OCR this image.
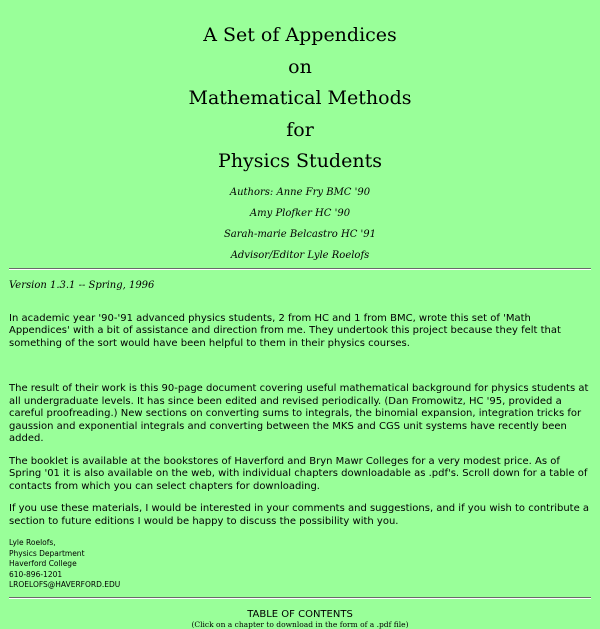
A Set of Appendices
on
Mathematical Methods
for
Physics Students
Authors: Anne Fry BMC '90
Amy Plofker HC '90
Sarah-marie Belcastro HC '91
Advisor/Editor Lyle Roelofs
Version 1.3.1 -- Spring, 1996

In academic year '90-'91 advanced physics students, 2 from HC and 1 from BMC, wrote this set of 'Math Appendices' with a bit of assistance and direction from me. They undertook this project because they felt that something of the sort would have been helpful to them in their physics courses.

The result of their work is this 90-page document covering useful mathematical background for physics students at all undergraduate levels. It has since been edited and revised periodically. (Dan Fromowitz, HC '95, provided a careful proofreading.) New sections on converting sums to integrals, the binomial expansion, integration tricks for gaussion and exponential integrals and converting between the MKS and CGS unit systems have recently been added.

The booklet is available at the bookstores of Haverford and Bryn Mawr Colleges for a very modest price. As of Spring '01 it is also available on the web, with individual chapters downloadable as .pdf's. Scroll down for a table of contacts from which you can select chapters for downloading.

If you use these materials, I would be interested in your comments and suggestions, and if you wish to contribute a section to future editions I would be happy to discuss the possibility with you.

Lyle Roelofs,
Physics Department
Haverford College
610-896-1201
LROELOFS@HAVERFORD.EDU
TABLE OF CONTENTS
(Click on a chapter to download in the form of a .pdf file)
